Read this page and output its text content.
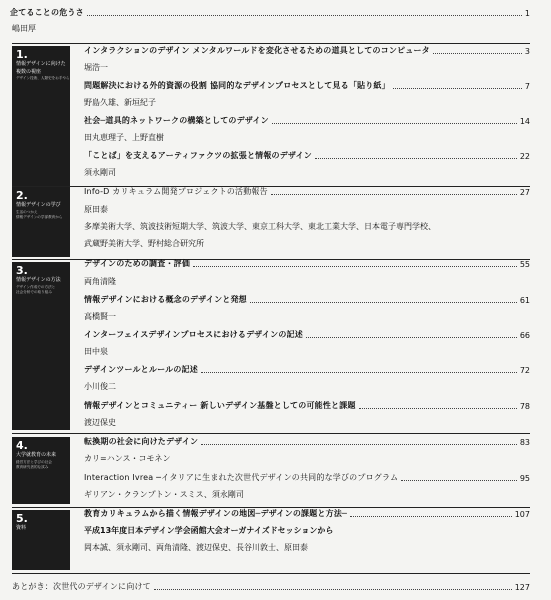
企てることの危うさ	1
嶋田厚
1.
情報デザインに向けた
複数の視座
デザイン技術、人類史をお手やら
2.
情報デザインの学び
生活のつかえ
情報デザインの学部教育から
3.
情報デザインの方法
デザイン作成での方法と
社会分析での取り組み
4.
大学就教育の未来
経営方法と学びの社会
教育研究者的な試み
5.
資料
インタラクションのデザイン メンタルワールドを変化させるための道具としてのコンピュータ	3
堀浩一
問題解決における外的資源の役割 協同的なデザインプロセスとして見る「貼り紙」	7
野島久雄、新垣紀子
社会─道具的ネットワークの構築としてのデザイン	14
田丸恵理子、上野直樹
「ことば」を支えるアーティファクツの拡張と情報のデザイン	22
須永剛司
Info-D カリキュラム開発プロジェクトの活動報告	27
原田泰
多摩美術大学、筑波技術短期大学、筑波大学、東京工科大学、東北工業大学、日本電子専門学校、
武蔵野美術大学、野村総合研究所
デザインのための調査・評価	55
両角清隆
情報デザインにおける概念のデザインと発想	61
高橋賢一
インターフェイスデザインプロセスにおけるデザインの記述	66
田中泉
デザインツールとルールの記述	72
小川俊二
情報デザインとコミュニティー 新しいデザイン基盤としての可能性と課題	78
渡辺保史
転換期の社会に向けたデザイン	83
カリ=ハンス・コモネン
Interaction Ivrea ─イタリアに生まれた次世代デザインの共同的な学びのプログラム	95
ギリアン・クランプトン・スミス、須永剛司
教育カリキュラムから描く情報デザインの地図─デザインの課題と方法─	107
平成13年度日本デザイン学会函館大会オーガナイズドセッションから
岡本誠、須永剛司、両角清隆、渡辺保史、長谷川敦士、原田泰
あとがき：次世代のデザインに向けて	127
